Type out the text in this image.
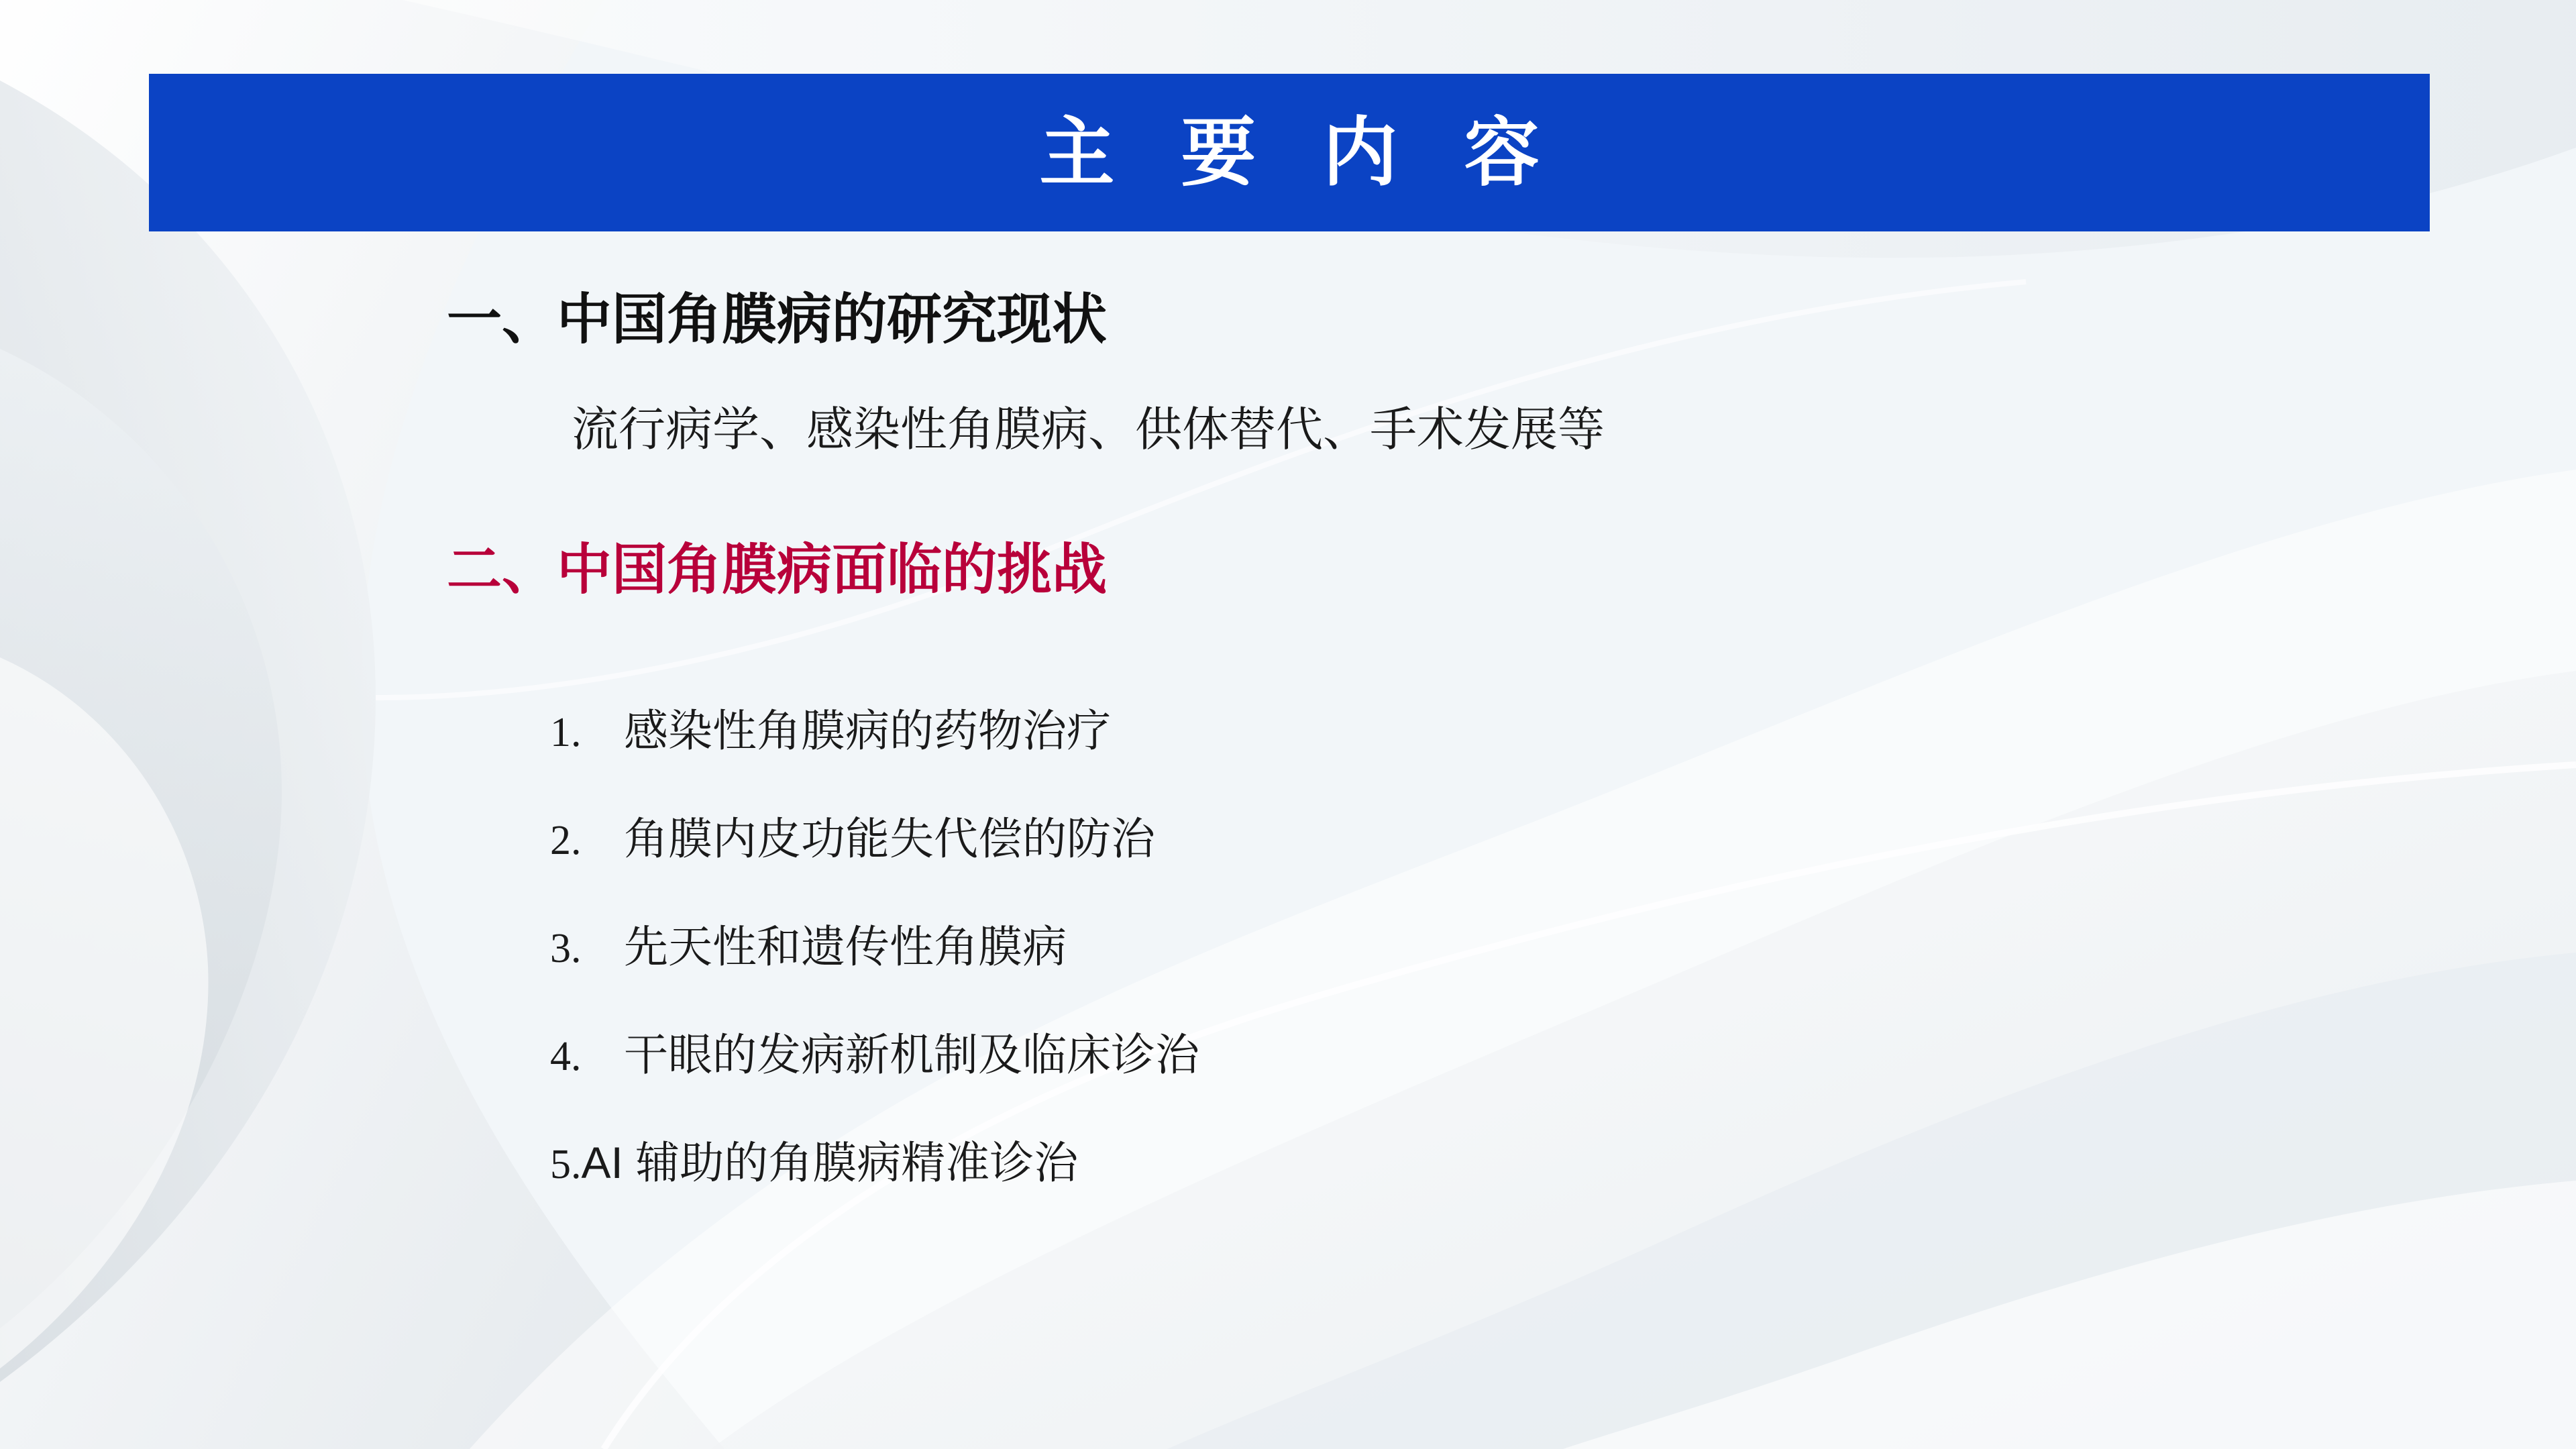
主 要 内 容
一、中国角膜病的研究现状
流行病学、感染性角膜病、供体替代、手术发展等
二、中国角膜病面临的挑战
1. 感染性角膜病的药物治疗
2. 角膜内皮功能失代偿的防治
3. 先天性和遗传性角膜病
4. 干眼的发病新机制及临床诊治
5. AI 辅助的角膜病精准诊治
